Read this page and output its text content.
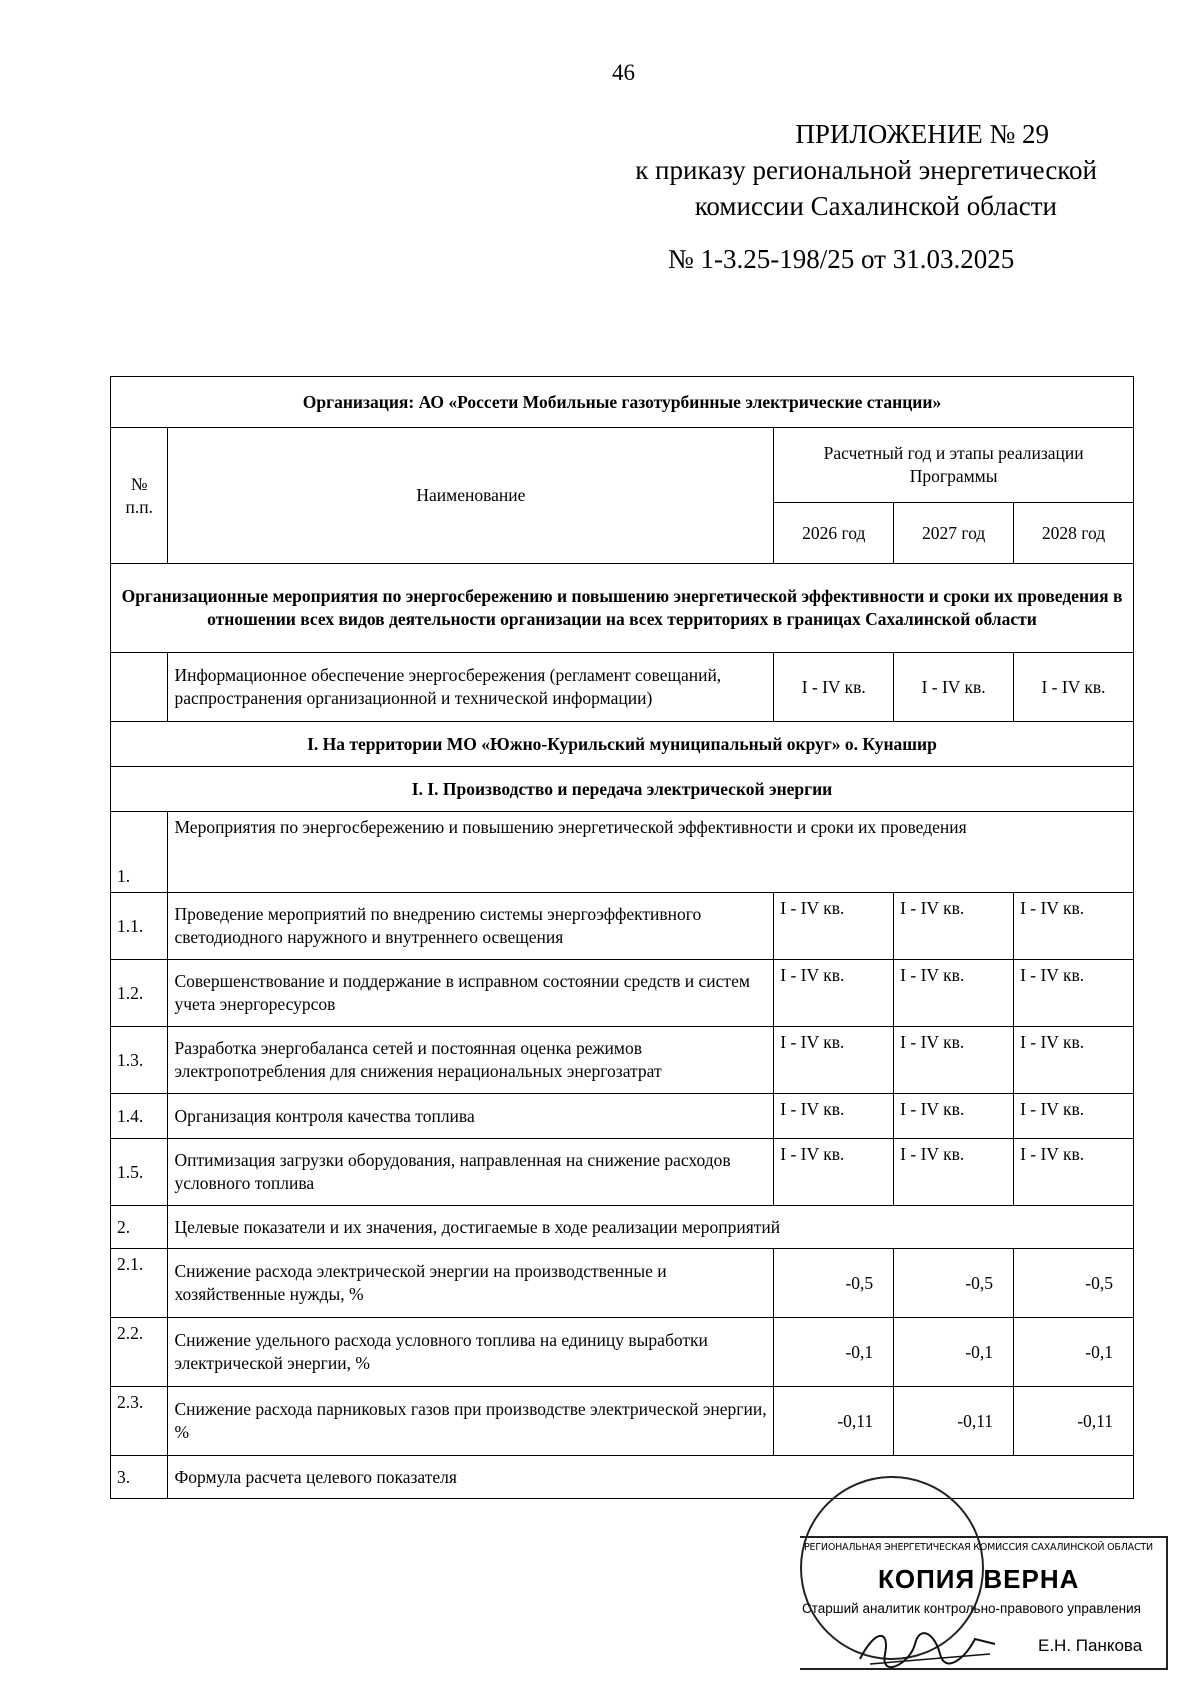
46
ПРИЛОЖЕНИЕ № 29
к приказу региональной энергетической
комиссии Сахалинской области
№ 1-3.25-198/25 от 31.03.2025
Организация: АО «Россети Мобильные газотурбинные электрические станции»				
№ п.п.	Наименование	Расчетный год и этапы реализации Программы		
		2026 год	2027 год	2028 год
Организационные мероприятия по энергосбережению и повышению энергетической эффективности и сроки их проведения в отношении всех видов деятельности организации на всех территориях в границах Сахалинской области				
	Информационное обеспечение энергосбережения (регламент совещаний, распространения организационной и технической информации)	I - IV кв.	I - IV кв.	I - IV кв.
I. На территории МО «Южно-Курильский муниципальный округ» о. Кунашир				
I. I. Производство и передача электрической энергии				
1.	Мероприятия по энергосбережению и повышению энергетической эффективности и сроки их проведения			
1.1.	Проведение мероприятий по внедрению системы энергоэффективного светодиодного наружного и внутреннего освещения	I - IV кв.	I - IV кв.	I - IV кв.
1.2.	Совершенствование и поддержание в исправном состоянии средств и систем учета энергоресурсов	I - IV кв.	I - IV кв.	I - IV кв.
1.3.	Разработка энергобаланса сетей и постоянная оценка режимов электропотребления для снижения нерациональных энергозатрат	I - IV кв.	I - IV кв.	I - IV кв.
1.4.	Организация контроля качества топлива	I - IV кв.	I - IV кв.	I - IV кв.
1.5.	Оптимизация загрузки оборудования, направленная на снижение расходов условного топлива	I - IV кв.	I - IV кв.	I - IV кв.
2.	Целевые показатели и их значения, достигаемые в ходе реализации мероприятий			
2.1.	Снижение расхода электрической энергии на производственные и хозяйственные нужды, %	-0,5	-0,5	-0,5
2.2.	Снижение удельного расхода условного топлива на единицу выработки электрической энергии, %	-0,1	-0,1	-0,1
2.3.	Снижение расхода парниковых газов при производстве электрической энергии, %	-0,11	-0,11	-0,11
3.	Формула расчета целевого показателя			
РЕГИОНАЛЬНАЯ ЭНЕРГЕТИЧЕСКАЯ КОМИССИЯ САХАЛИНСКОЙ ОБЛАСТИ
КОПИЯ ВЕРНА
Старший аналитик контрольно-правового управления
Е.Н. Панкова
